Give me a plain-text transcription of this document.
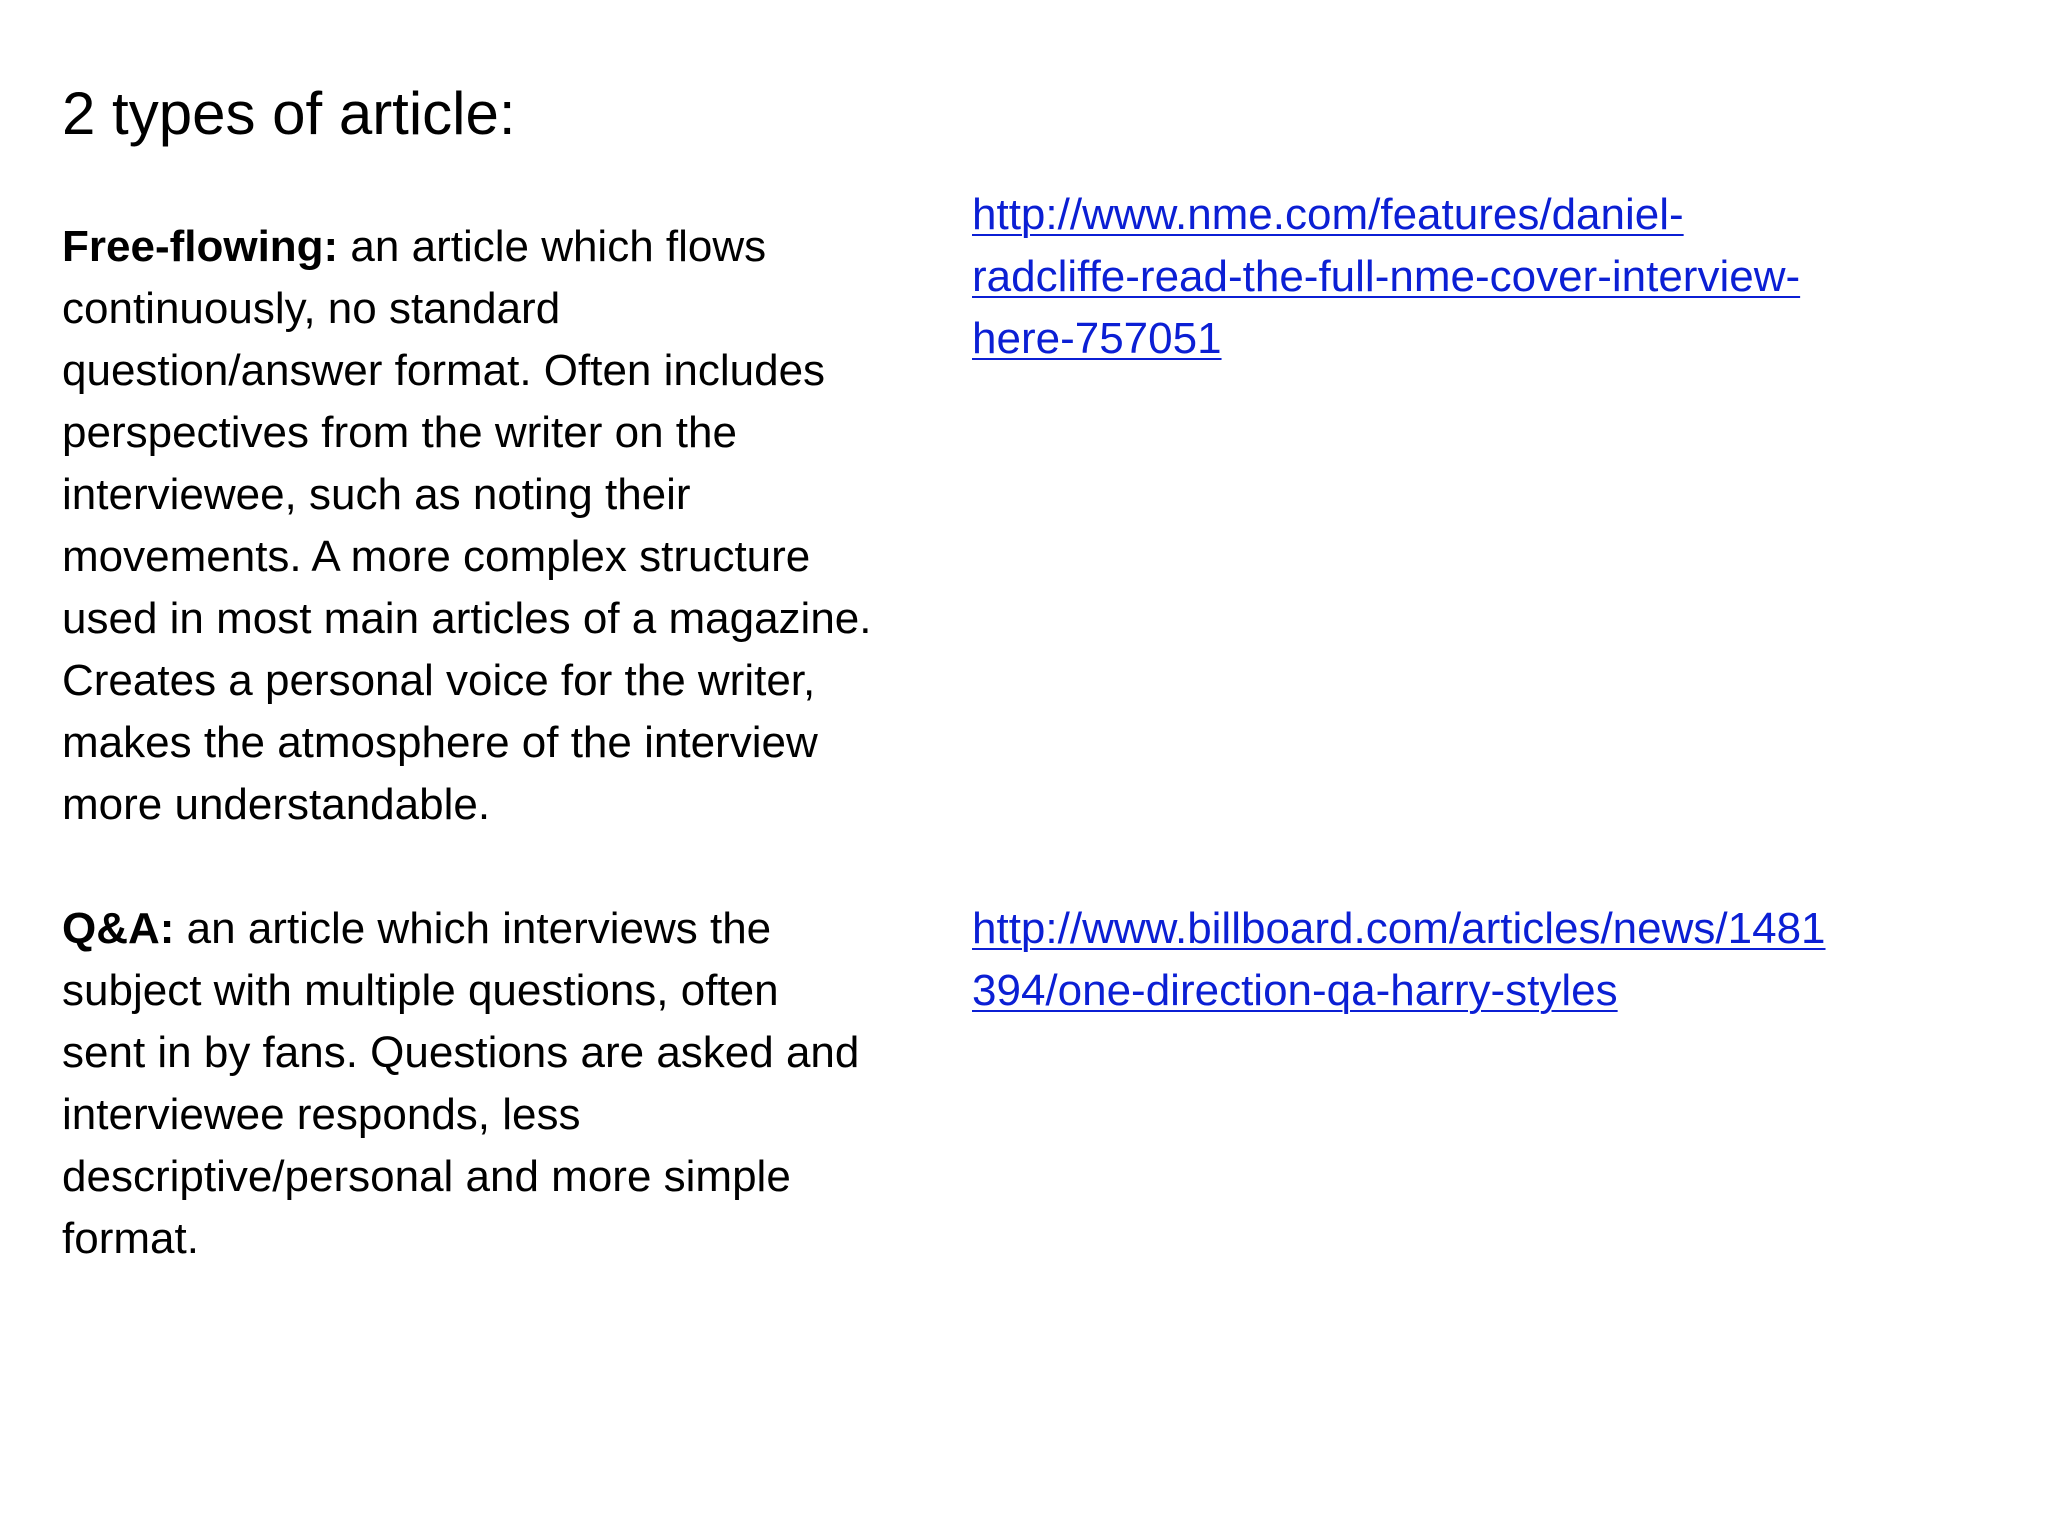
2 types of article:

Free-flowing: an article which flows
continuously, no standard
question/answer format. Often includes
perspectives from the writer on the
interviewee, such as noting their
movements. A more complex structure
used in most main articles of a magazine.
Creates a personal voice for the writer,
makes the atmosphere of the interview
more understandable.

Q&A: an article which interviews the
subject with multiple questions, often
sent in by fans. Questions are asked and
interviewee responds, less
descriptive/personal and more simple
format.

http://www.nme.com/features/daniel-
radcliffe-read-the-full-nme-cover-interview-
here-757051
http://www.billboard.com/articles/news/1481
394/one-direction-qa-harry-styles
